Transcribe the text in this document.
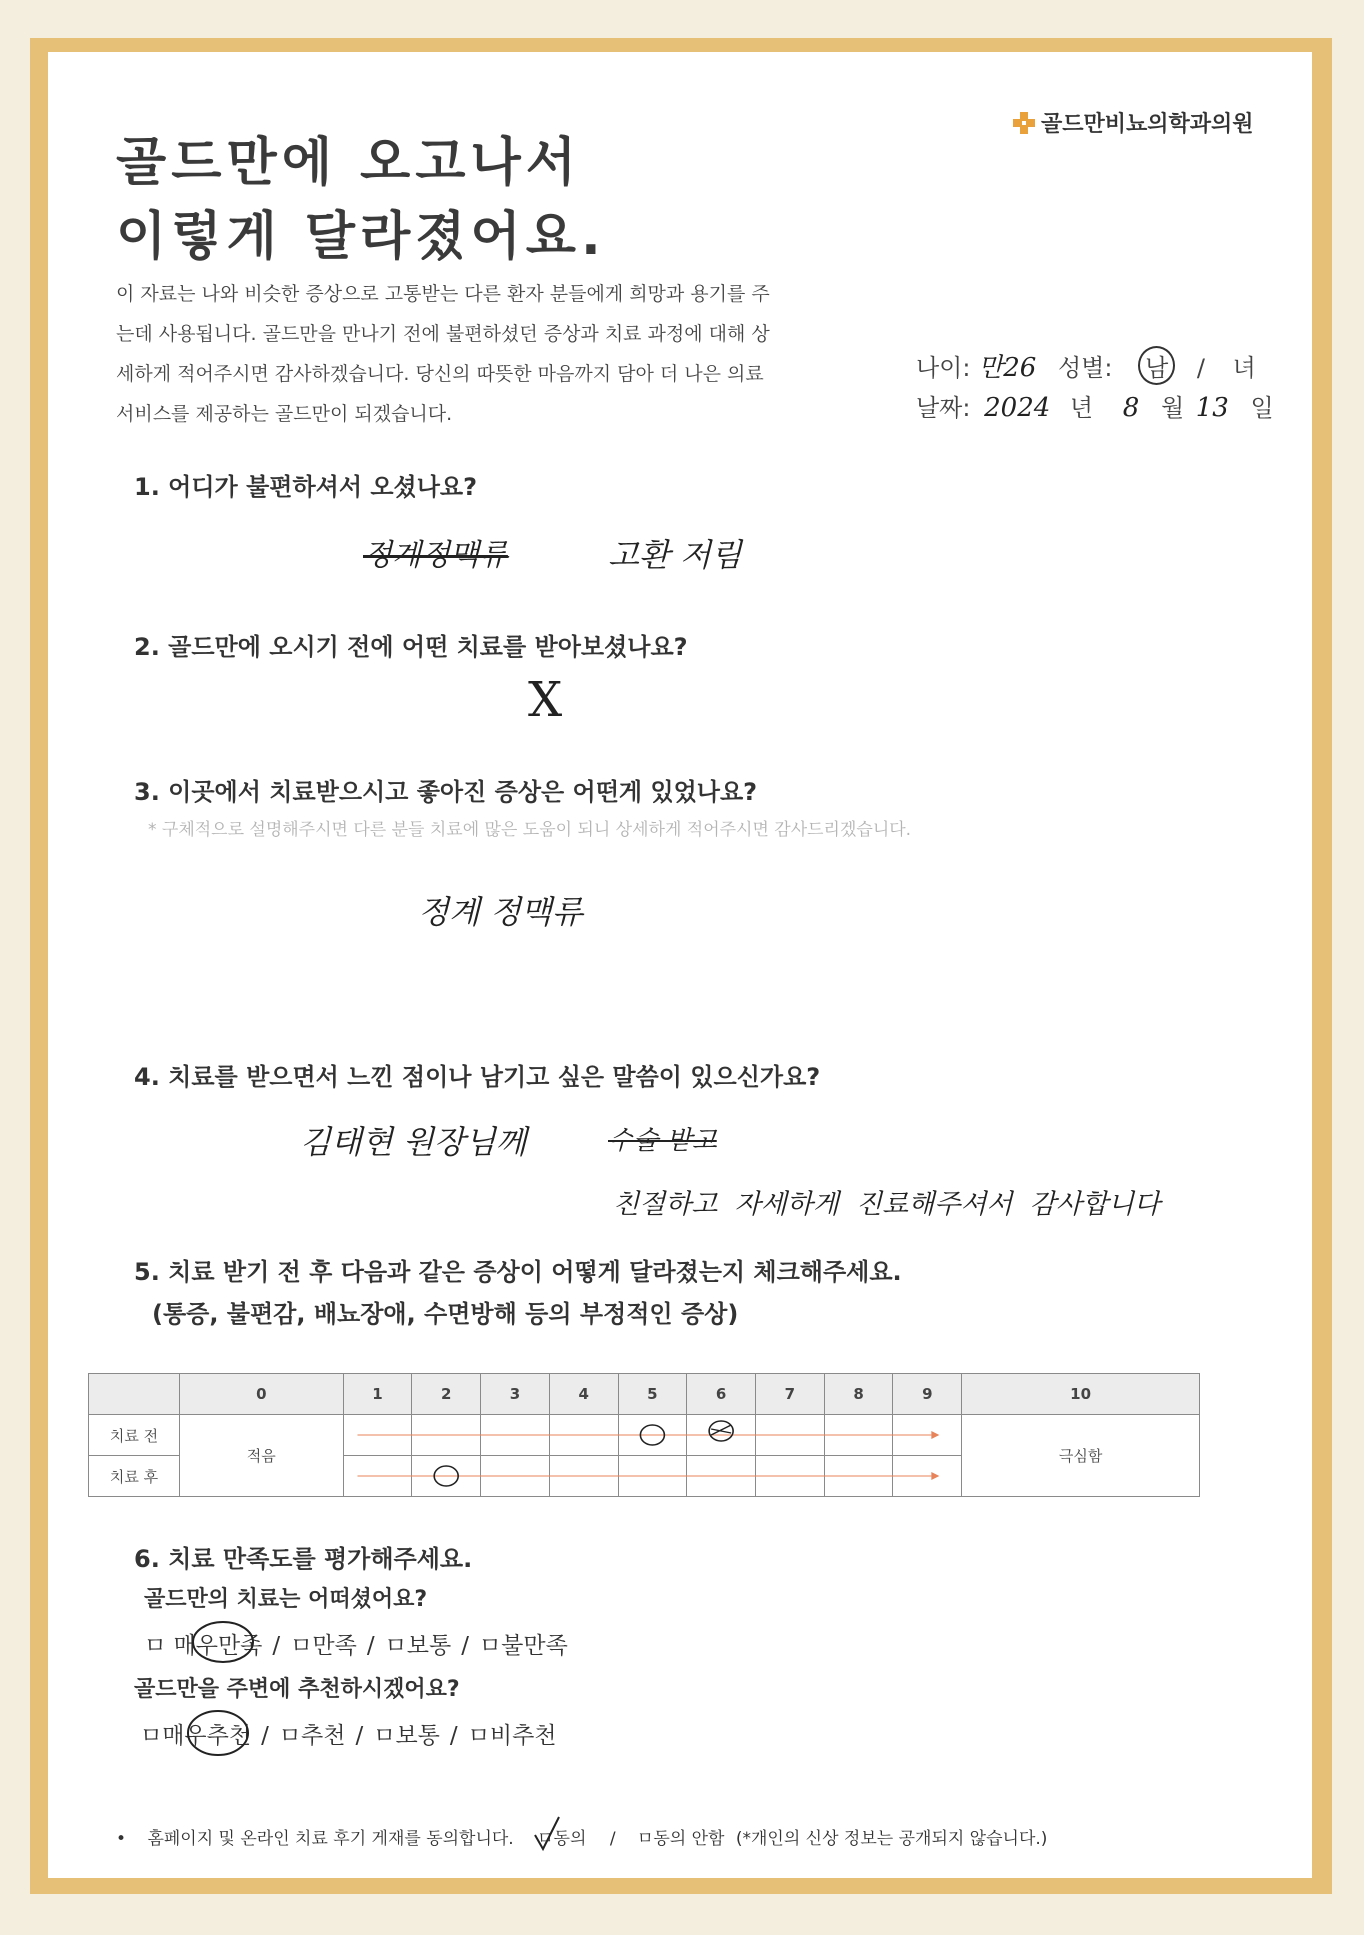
골드만비뇨의학과의원
골드만에 오고나서
이렇게 달라졌어요.
이 자료는 나와 비슷한 증상으로 고통받는 다른 환자 분들에게 희망과 용기를 주는데 사용됩니다. 골드만을 만나기 전에 불편하셨던 증상과 치료 과정에 대해 상세하게 적어주시면 감사하겠습니다. 당신의 따뜻한 마음까지 담아 더 나은 의료서비스를 제공하는 골드만이 되겠습니다.
나이: 만26 성별: 남 / 녀
날짜: 2024 년 8 월 13 일
1. 어디가 불편하셔서 오셨나요?
정계정맥류	고환 저림
2. 골드만에 오시기 전에 어떤 치료를 받아보셨나요?
X
3. 이곳에서 치료받으시고 좋아진 증상은 어떤게 있었나요?
* 구체적으로 설명해주시면 다른 분들 치료에 많은 도움이 되니 상세하게 적어주시면 감사드리겠습니다.
정계 정맥류
4. 치료를 받으면서 느낀 점이나 남기고 싶은 말씀이 있으신가요?
김태현 원장님께	수술 받고
친절하고  자세하게  진료해주셔서  감사합니다
5. 치료 받기 전 후 다음과 같은 증상이 어떻게 달라졌는지 체크해주세요.
(통증, 불편감, 배뇨장애, 수면방해 등의 부정적인 증상)
6. 치료 만족도를 평가해주세요.
골드만의 치료는 어떠셨어요?
ㅁ 매우만족 / ㅁ만족 / ㅁ보통 / ㅁ불만족
골드만을 주변에 추천하시겠어요?
ㅁ매우추천 / ㅁ추천 / ㅁ보통 / ㅁ비추천
• 홈페이지 및 온라인 치료 후기 게재를 동의합니다. ㅁ동의 / ㅁ동의 안함 (*개인의 신상 정보는 공개되지 않습니다.)
	0	1	2	3	4	5	6	7	8	9	10
치료 전	적음										극심함
치료 후											
